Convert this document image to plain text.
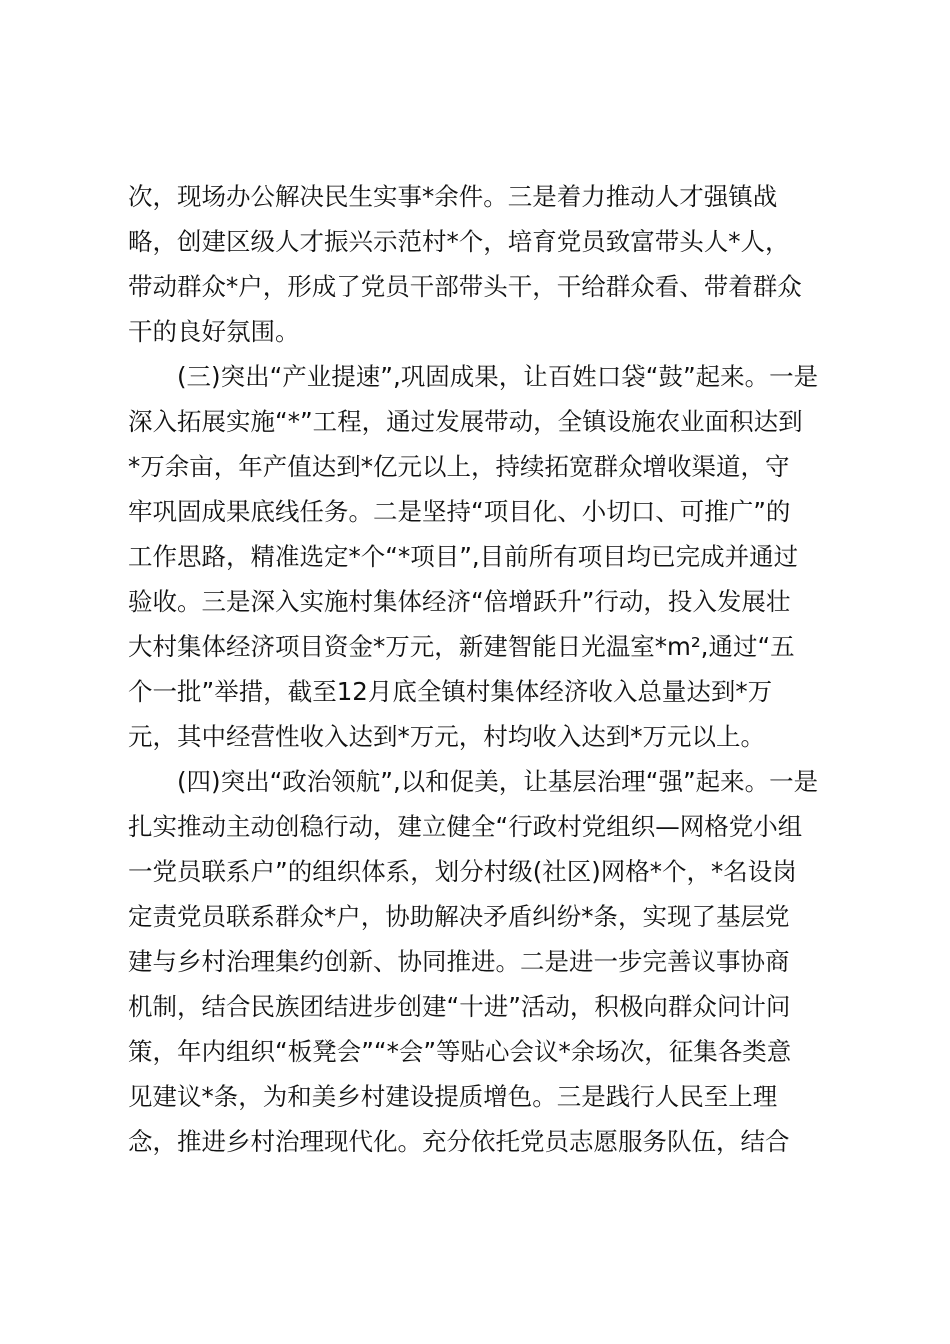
次，现场办公解决民生实事*余件。三是着力推动人才强镇战
略，创建区级人才振兴示范村*个，培育党员致富带头人*人，
带动群众*户，形成了党员干部带头干，干给群众看、带着群众
干的良好氛围。
　　(三)突出“产业提速”,巩固成果，让百姓口袋“鼓”起来。一是
深入拓展实施“*”工程，通过发展带动，全镇设施农业面积达到
*万余亩，年产值达到*亿元以上，持续拓宽群众增收渠道，守
牢巩固成果底线任务。二是坚持“项目化、小切口、可推广”的
工作思路，精准选定*个“*项目”,目前所有项目均已完成并通过
验收。三是深入实施村集体经济“倍增跃升”行动，投入发展壮
大村集体经济项目资金*万元，新建智能日光温室*m²,通过“五
个一批”举措，截至12月底全镇村集体经济收入总量达到*万
元，其中经营性收入达到*万元，村均收入达到*万元以上。
　　(四)突出“政治领航”,以和促美，让基层治理“强”起来。一是
扎实推动主动创稳行动，建立健全“行政村党组织—网格党小组
一党员联系户”的组织体系，划分村级(社区)网格*个，*名设岗
定责党员联系群众*户，协助解决矛盾纠纷*条，实现了基层党
建与乡村治理集约创新、协同推进。二是进一步完善议事协商
机制，结合民族团结进步创建“十进”活动，积极向群众问计问
策，年内组织“板凳会”“*会”等贴心会议*余场次，征集各类意
见建议*条，为和美乡村建设提质增色。三是践行人民至上理
念，推进乡村治理现代化。充分依托党员志愿服务队伍，结合
